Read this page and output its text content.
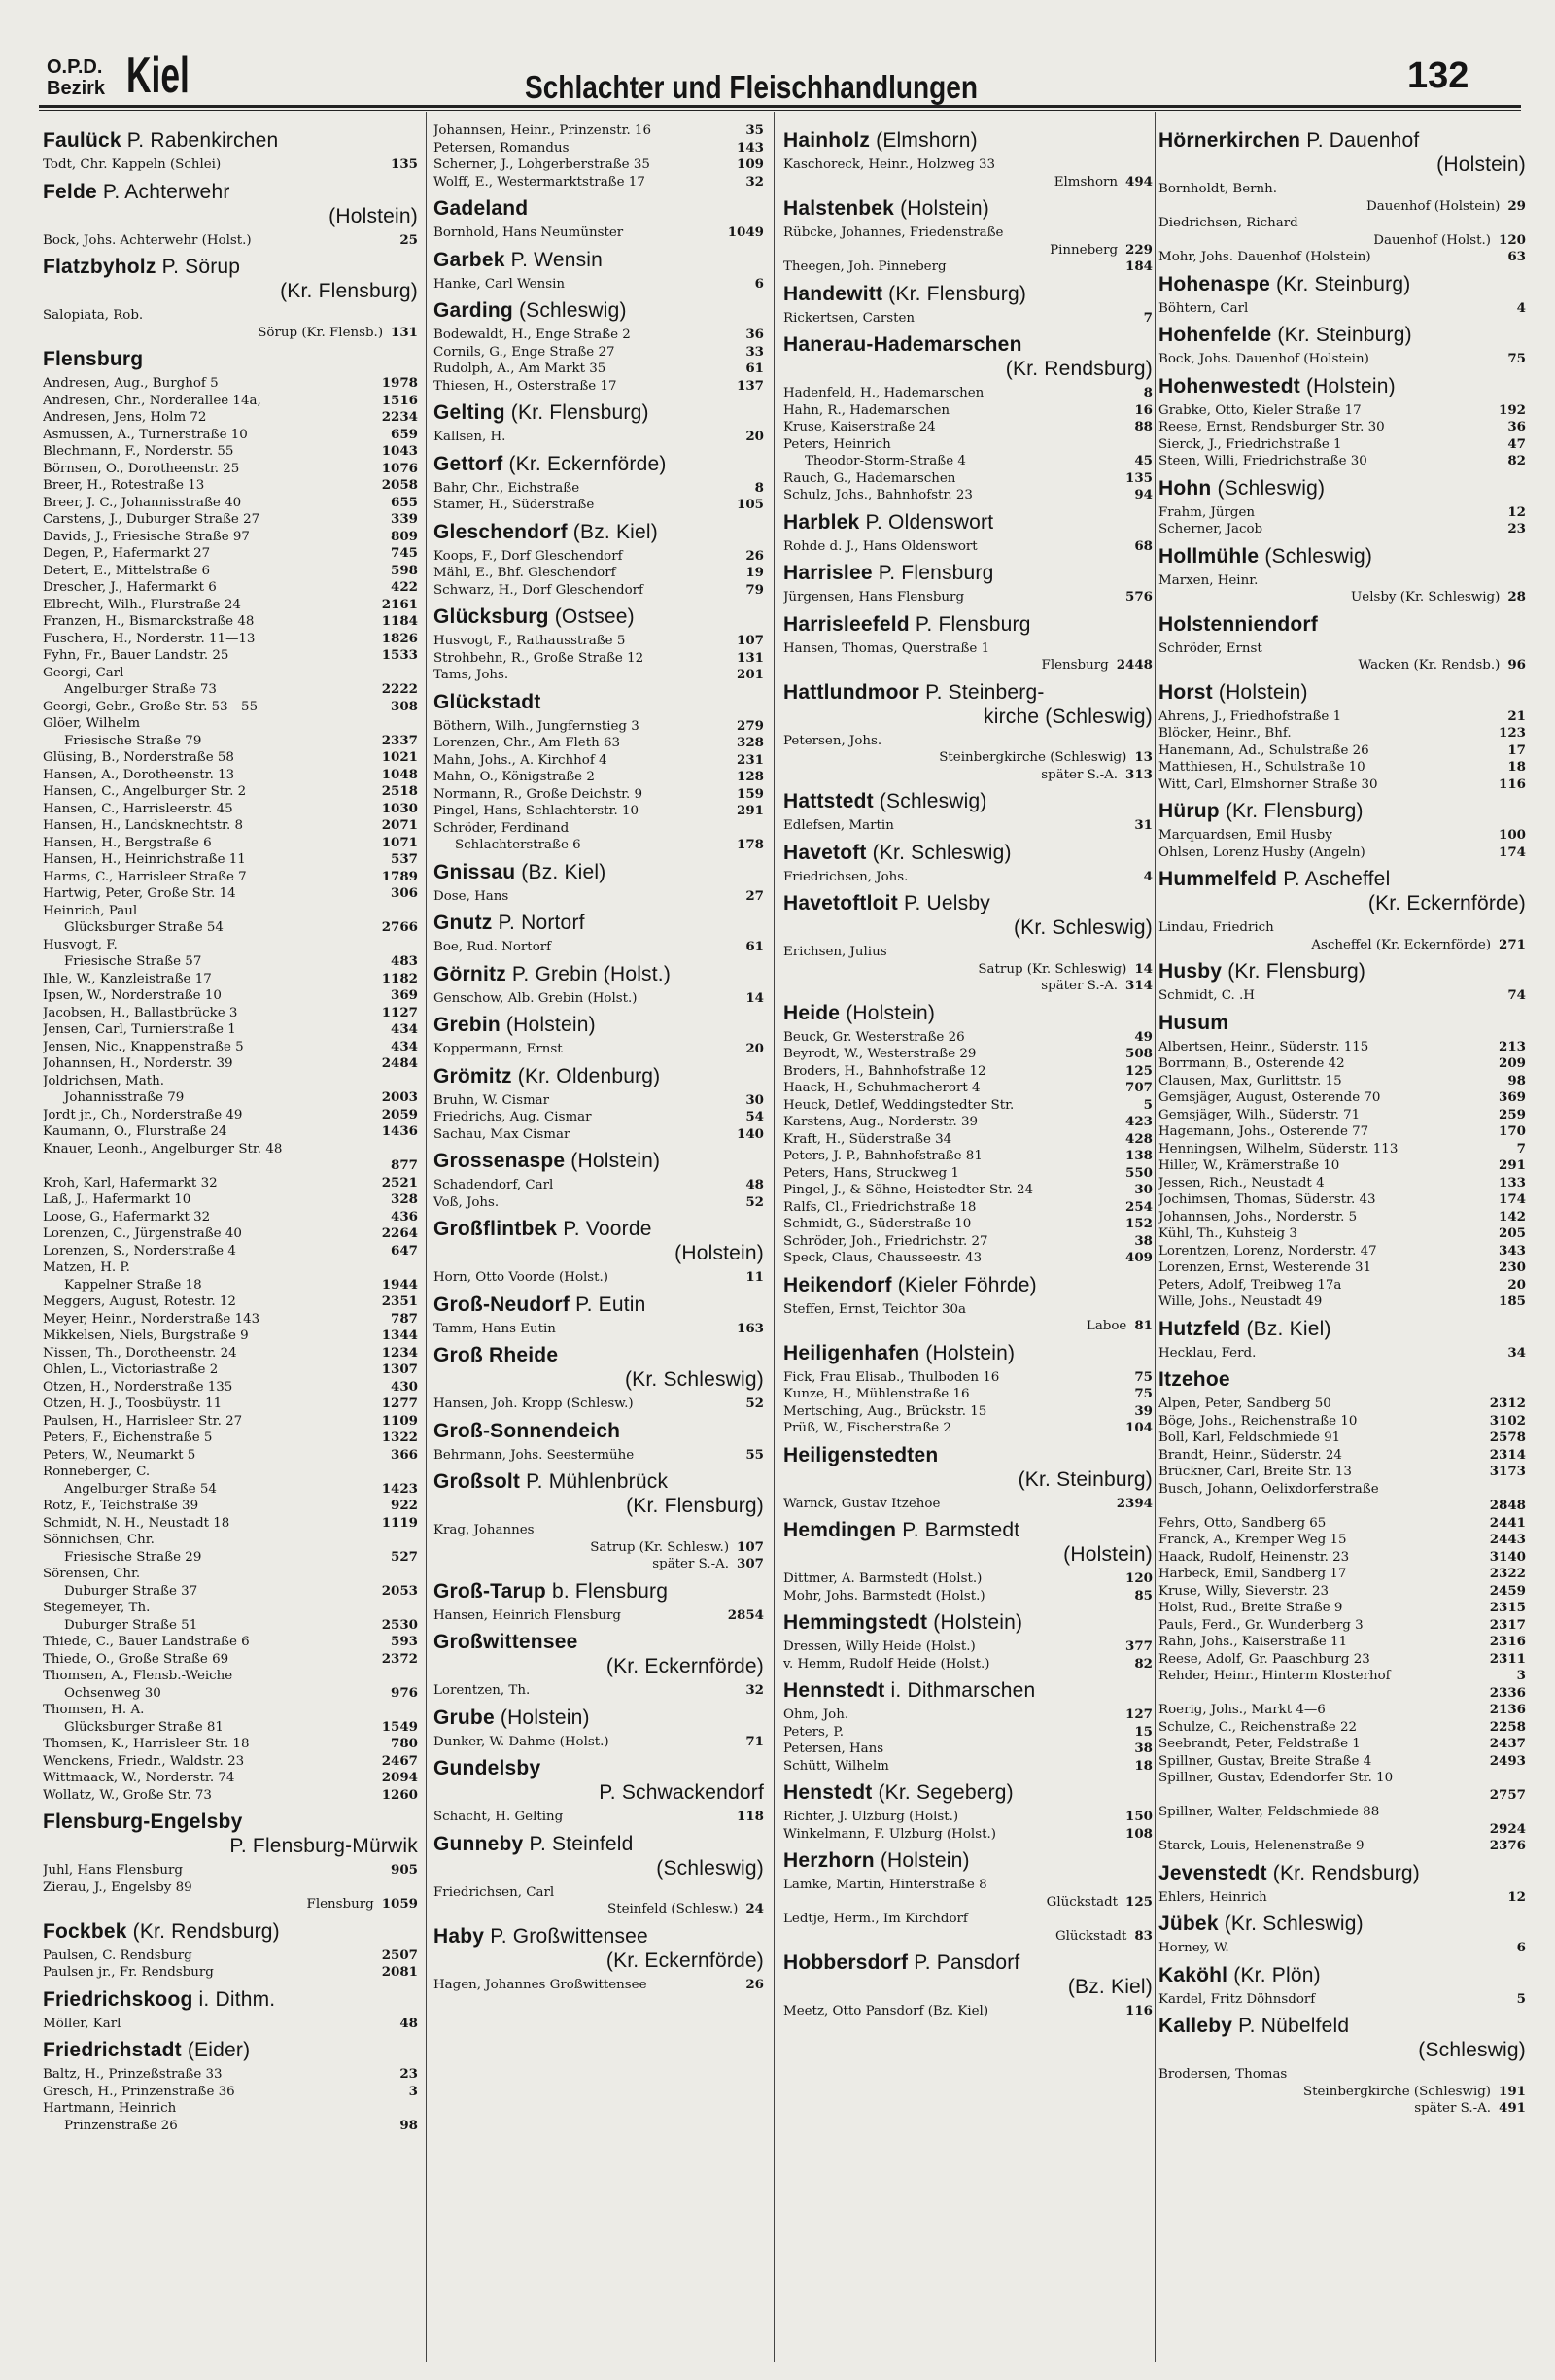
O.P.D.
Bezirk Kiel	Schlachter und Fleischhandlungen	132
Faulück P. Rabenkirchen
Todt, Chr. Kappeln (Schlei)	135
Felde P. Achterwehr
(Holstein)
Bock, Johs. Achterwehr (Holst.)	25
Flatzbyholz P. Sörup
(Kr. Flensburg)
Salopiata, Rob.
Sörup (Kr. Flensb.) 131
Flensburg
Andresen, Aug., Burghof 5	1978
Andresen, Chr., Norderallee 14a,	1516
Andresen, Jens, Holm 72	2234
Asmussen, A., Turnerstraße 10	659
Blechmann, F., Norderstr. 55	1043
Börnsen, O., Dorotheenstr. 25	1076
Breer, H., Rotestraße 13	2058
Breer, J. C., Johannisstraße 40	655
Carstens, J., Duburger Straße 27	339
Davids, J., Friesische Straße 97	809
Degen, P., Hafermarkt 27	745
Detert, E., Mittelstraße 6	598
Drescher, J., Hafermarkt 6	422
Elbrecht, Wilh., Flurstraße 24	2161
Franzen, H., Bismarckstraße 48	1184
Fuschera, H., Norderstr. 11—13	1826
Fyhn, Fr., Bauer Landstr. 25	1533
Georgi, Carl
Angelburger Straße 73	2222
Georgi, Gebr., Große Str. 53—55	308
Glöer, Wilhelm
Friesische Straße 79	2337
Glüsing, B., Norderstraße 58	1021
Hansen, A., Dorotheenstr. 13	1048
Hansen, C., Angelburger Str. 2	2518
Hansen, C., Harrisleerstr. 45	1030
Hansen, H., Landsknechtstr. 8	2071
Hansen, H., Bergstraße 6	1071
Hansen, H., Heinrichstraße 11	537
Harms, C., Harrisleer Straße 7	1789
Hartwig, Peter, Große Str. 14	306
Heinrich, Paul
Glücksburger Straße 54	2766
Husvogt, F.
Friesische Straße 57	483
Ihle, W., Kanzleistraße 17	1182
Ipsen, W., Norderstraße 10	369
Jacobsen, H., Ballastbrücke 3	1127
Jensen, Carl, Turnierstraße 1	434
Jensen, Nic., Knappenstraße 5	434
Johannsen, H., Norderstr. 39	2484
Joldrichsen, Math.
Johannisstraße 79	2003
Jordt jr., Ch., Norderstraße 49	2059
Kaumann, O., Flurstraße 24	1436
Knauer, Leonh., Angelburger Str. 48
877
Kroh, Karl, Hafermarkt 32	2521
Laß, J., Hafermarkt 10	328
Loose, G., Hafermarkt 32	436
Lorenzen, C., Jürgenstraße 40	2264
Lorenzen, S., Norderstraße 4	647
Matzen, H. P.
Kappelner Straße 18	1944
Meggers, August, Rotestr. 12	2351
Meyer, Heinr., Norderstraße 143	787
Mikkelsen, Niels, Burgstraße 9	1344
Nissen, Th., Dorotheenstr. 24	1234
Ohlen, L., Victoriastraße 2	1307
Otzen, H., Norderstraße 135	430
Otzen, H. J., Toosbüystr. 11	1277
Paulsen, H., Harrisleer Str. 27	1109
Peters, F., Eichenstraße 5	1322
Peters, W., Neumarkt 5	366
Ronneberger, C.
Angelburger Straße 54	1423
Rotz, F., Teichstraße 39	922
Schmidt, N. H., Neustadt 18	1119
Sönnichsen, Chr.
Friesische Straße 29	527
Sörensen, Chr.
Duburger Straße 37	2053
Stegemeyer, Th.
Duburger Straße 51	2530
Thiede, C., Bauer Landstraße 6	593
Thiede, O., Große Straße 69	2372
Thomsen, A., Flensb.-Weiche
Ochsenweg 30	976
Thomsen, H. A.
Glücksburger Straße 81	1549
Thomsen, K., Harrisleer Str. 18	780
Wenckens, Friedr., Waldstr. 23	2467
Wittmaack, W., Norderstr. 74	2094
Wollatz, W., Große Str. 73	1260
Flensburg-Engelsby
P. Flensburg-Mürwik
Juhl, Hans Flensburg	905
Zierau, J., Engelsby 89
Flensburg 1059
Fockbek (Kr. Rendsburg)
Paulsen, C. Rendsburg	2507
Paulsen jr., Fr. Rendsburg	2081
Friedrichskoog i. Dithm.
Möller, Karl	48
Friedrichstadt (Eider)
Baltz, H., Prinzeßstraße 33	23
Gresch, H., Prinzenstraße 36	3
Hartmann, Heinrich
Prinzenstraße 26	98
Johannsen, Heinr., Prinzenstr. 16	35
Petersen, Romandus	143
Scherner, J., Lohgerberstraße 35	109
Wolff, E., Westermarktstraße 17	32
Gadeland
Bornhold, Hans Neumünster	1049
Garbek P. Wensin
Hanke, Carl Wensin	6
Garding (Schleswig)
Bodewaldt, H., Enge Straße 2	36
Cornils, G., Enge Straße 27	33
Rudolph, A., Am Markt 35	61
Thiesen, H., Osterstraße 17	137
Gelting (Kr. Flensburg)
Kallsen, H.	20
Gettorf (Kr. Eckernförde)
Bahr, Chr., Eichstraße	8
Stamer, H., Süderstraße	105
Gleschendorf (Bz. Kiel)
Koops, F., Dorf Gleschendorf	26
Mähl, E., Bhf. Gleschendorf	19
Schwarz, H., Dorf Gleschendorf	79
Glücksburg (Ostsee)
Husvogt, F., Rathausstraße 5	107
Strohbehn, R., Große Straße 12	131
Tams, Johs.	201
Glückstadt
Böthern, Wilh., Jungfernstieg 3	279
Lorenzen, Chr., Am Fleth 63	328
Mahn, Johs., A. Kirchhof 4	231
Mahn, O., Königstraße 2	128
Normann, R., Große Deichstr. 9	159
Pingel, Hans, Schlachterstr. 10	291
Schröder, Ferdinand
Schlachterstraße 6	178
Gnissau (Bz. Kiel)
Dose, Hans	27
Gnutz P. Nortorf
Boe, Rud. Nortorf	61
Görnitz P. Grebin (Holst.)
Genschow, Alb. Grebin (Holst.)	14
Grebin (Holstein)
Koppermann, Ernst	20
Grömitz (Kr. Oldenburg)
Bruhn, W. Cismar	30
Friedrichs, Aug. Cismar	54
Sachau, Max Cismar	140
Grossenaspe (Holstein)
Schadendorf, Carl	48
Voß, Johs.	52
Großflintbek P. Voorde
(Holstein)
Horn, Otto Voorde (Holst.)	11
Groß-Neudorf P. Eutin
Tamm, Hans Eutin	163
Groß Rheide
(Kr. Schleswig)
Hansen, Joh. Kropp (Schlesw.)	52
Groß-Sonnendeich
Behrmann, Johs. Seestermühe	55
Großsolt P. Mühlenbrück
(Kr. Flensburg)
Krag, Johannes
Satrup (Kr. Schlesw.) 107
später S.-A. 307
Groß-Tarup b. Flensburg
Hansen, Heinrich Flensburg	2854
Großwittensee
(Kr. Eckernförde)
Lorentzen, Th.	32
Grube (Holstein)
Dunker, W. Dahme (Holst.)	71
Gundelsby
P. Schwackendorf
Schacht, H. Gelting	118
Gunneby P. Steinfeld
(Schleswig)
Friedrichsen, Carl
Steinfeld (Schlesw.) 24
Haby P. Großwittensee
(Kr. Eckernförde)
Hagen, Johannes Großwittensee	26
Hainholz (Elmshorn)
Kaschoreck, Heinr., Holzweg 33
Elmshorn 494
Halstenbek (Holstein)
Rübcke, Johannes, Friedenstraße
Pinneberg 229
Theegen, Joh. Pinneberg	184
Handewitt (Kr. Flensburg)
Rickertsen, Carsten	7
Hanerau-Hademarschen
(Kr. Rendsburg)
Hadenfeld, H., Hademarschen	8
Hahn, R., Hademarschen	16
Kruse, Kaiserstraße 24	88
Peters, Heinrich
Theodor-Storm-Straße 4	45
Rauch, G., Hademarschen	135
Schulz, Johs., Bahnhofstr. 23	94
Harblek P. Oldenswort
Rohde d. J., Hans Oldenswort	68
Harrislee P. Flensburg
Jürgensen, Hans Flensburg	576
Harrisleefeld P. Flensburg
Hansen, Thomas, Querstraße 1
Flensburg 2448
Hattlundmoor P. Steinberg-
kirche (Schleswig)
Petersen, Johs.
Steinbergkirche (Schleswig) 13
später S.-A. 313
Hattstedt (Schleswig)
Edlefsen, Martin	31
Havetoft (Kr. Schleswig)
Friedrichsen, Johs.	4
Havetoftloit P. Uelsby
(Kr. Schleswig)
Erichsen, Julius
Satrup (Kr. Schleswig) 14
später S.-A. 314
Heide (Holstein)
Beuck, Gr. Westerstraße 26	49
Beyrodt, W., Westerstraße 29	508
Broders, H., Bahnhofstraße 12	125
Haack, H., Schuhmacherort 4	707
Heuck, Detlef, Weddingstedter Str.	5
Karstens, Aug., Norderstr. 39	423
Kraft, H., Süderstraße 34	428
Peters, J. P., Bahnhofstraße 81	138
Peters, Hans, Struckweg 1	550
Pingel, J., & Söhne, Heistedter Str. 24	30
Ralfs, Cl., Friedrichstraße 18	254
Schmidt, G., Süderstraße 10	152
Schröder, Joh., Friedrichstr. 27	38
Speck, Claus, Chausseestr. 43	409
Heikendorf (Kieler Föhrde)
Steffen, Ernst, Teichtor 30a
Laboe 81
Heiligenhafen (Holstein)
Fick, Frau Elisab., Thulboden 16	75
Kunze, H., Mühlenstraße 16	75
Mertsching, Aug., Brückstr. 15	39
Prüß, W., Fischerstraße 2	104
Heiligenstedten
(Kr. Steinburg)
Warnck, Gustav Itzehoe	2394
Hemdingen P. Barmstedt
(Holstein)
Dittmer, A. Barmstedt (Holst.)	120
Mohr, Johs. Barmstedt (Holst.)	85
Hemmingstedt (Holstein)
Dressen, Willy Heide (Holst.)	377
v. Hemm, Rudolf Heide (Holst.)	82
Hennstedt i. Dithmarschen
Ohm, Joh.	127
Peters, P.	15
Petersen, Hans	38
Schütt, Wilhelm	18
Henstedt (Kr. Segeberg)
Richter, J. Ulzburg (Holst.)	150
Winkelmann, F. Ulzburg (Holst.)	108
Herzhorn (Holstein)
Lamke, Martin, Hinterstraße 8
Glückstadt 125
Ledtje, Herm., Im Kirchdorf
Glückstadt 83
Hobbersdorf P. Pansdorf
(Bz. Kiel)
Meetz, Otto Pansdorf (Bz. Kiel)	116
Hörnerkirchen P. Dauenhof
(Holstein)
Bornholdt, Bernh.
Dauenhof (Holstein) 29
Diedrichsen, Richard
Dauenhof (Holst.) 120
Mohr, Johs. Dauenhof (Holstein)	63
Hohenaspe (Kr. Steinburg)
Böhtern, Carl	4
Hohenfelde (Kr. Steinburg)
Bock, Johs. Dauenhof (Holstein)	75
Hohenwestedt (Holstein)
Grabke, Otto, Kieler Straße 17	192
Reese, Ernst, Rendsburger Str. 30	36
Sierck, J., Friedrichstraße 1	47
Steen, Willi, Friedrichstraße 30	82
Hohn (Schleswig)
Frahm, Jürgen	12
Scherner, Jacob	23
Hollmühle (Schleswig)
Marxen, Heinr.
Uelsby (Kr. Schleswig) 28
Holstenniendorf
Schröder, Ernst
Wacken (Kr. Rendsb.) 96
Horst (Holstein)
Ahrens, J., Friedhofstraße 1	21
Blöcker, Heinr., Bhf.	123
Hanemann, Ad., Schulstraße 26	17
Matthiesen, H., Schulstraße 10	18
Witt, Carl, Elmshorner Straße 30	116
Hürup (Kr. Flensburg)
Marquardsen, Emil Husby	100
Ohlsen, Lorenz Husby (Angeln)	174
Hummelfeld P. Ascheffel
(Kr. Eckernförde)
Lindau, Friedrich
Ascheffel (Kr. Eckernförde) 271
Husby (Kr. Flensburg)
Schmidt, C. .H	74
Husum
Albertsen, Heinr., Süderstr. 115	213
Borrmann, B., Osterende 42	209
Clausen, Max, Gurlittstr. 15	98
Gemsjäger, August, Osterende 70	369
Gemsjäger, Wilh., Süderstr. 71	259
Hagemann, Johs., Osterende 77	170
Henningsen, Wilhelm, Süderstr. 113	7
Hiller, W., Krämerstraße 10	291
Jessen, Rich., Neustadt 4	133
Jochimsen, Thomas, Süderstr. 43	174
Johannsen, Johs., Norderstr. 5	142
Kühl, Th., Kuhsteig 3	205
Lorentzen, Lorenz, Norderstr. 47	343
Lorenzen, Ernst, Westerende 31	230
Peters, Adolf, Treibweg 17a	20
Wille, Johs., Neustadt 49	185
Hutzfeld (Bz. Kiel)
Hecklau, Ferd.	34
Itzehoe
Alpen, Peter, Sandberg 50	2312
Böge, Johs., Reichenstraße 10	3102
Boll, Karl, Feldschmiede 91	2578
Brandt, Heinr., Süderstr. 24	2314
Brückner, Carl, Breite Str. 13	3173
Busch, Johann, Oelixdorferstraße
2848
Fehrs, Otto, Sandberg 65	2441
Franck, A., Kremper Weg 15	2443
Haack, Rudolf, Heinenstr. 23	3140
Harbeck, Emil, Sandberg 17	2322
Kruse, Willy, Sieverstr. 23	2459
Holst, Rud., Breite Straße 9	2315
Pauls, Ferd., Gr. Wunderberg 3	2317
Rahn, Johs., Kaiserstraße 11	2316
Reese, Adolf, Gr. Paaschburg 23	2311
Rehder, Heinr., Hinterm Klosterhof	3
2336
Roerig, Johs., Markt 4—6	2136
Schulze, C., Reichenstraße 22	2258
Seebrandt, Peter, Feldstraße 1	2437
Spillner, Gustav, Breite Straße 4	2493
Spillner, Gustav, Edendorfer Str. 10
2757
Spillner, Walter, Feldschmiede 88
2924
Starck, Louis, Helenenstraße 9	2376
Jevenstedt (Kr. Rendsburg)
Ehlers, Heinrich	12
Jübek (Kr. Schleswig)
Horney, W.	6
Kaköhl (Kr. Plön)
Kardel, Fritz Döhnsdorf	5
Kalleby P. Nübelfeld
(Schleswig)
Brodersen, Thomas
Steinbergkirche (Schleswig) 191
später S.-A. 491
